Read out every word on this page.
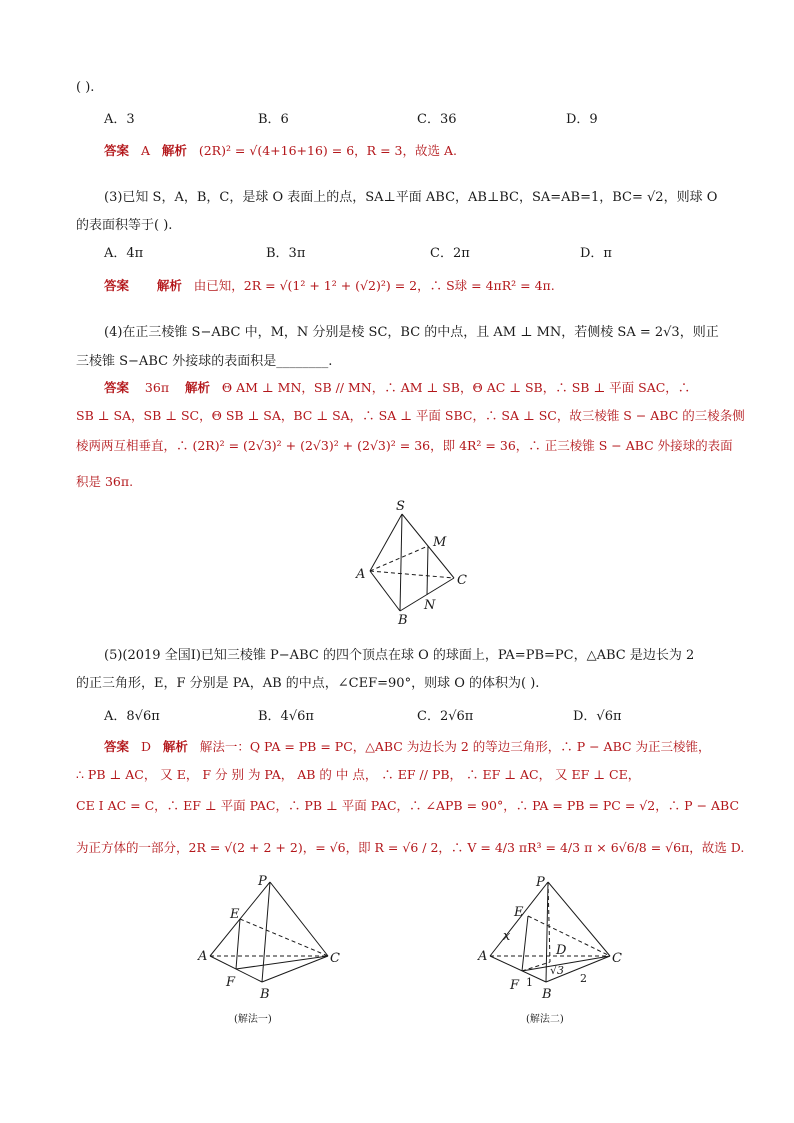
( ).
A．3	B．6	C．36	D．9
答案 A 解析 (2R)² = √(4+16+16) = 6，R = 3，故选 A.
(3)已知 S，A，B，C，是球 O 表面上的点，SA⊥平面 ABC，AB⊥BC，SA=AB=1，BC= √2，则球 O
的表面积等于( ).
A．4π	B．3π	C．2π	D．π
答案 解析 由已知，2R = √(1² + 1² + (√2)²) = 2，∴ S球 = 4πR² = 4π.
(4)在正三棱锥 S−ABC 中，M，N 分别是棱 SC，BC 的中点，且 AM ⊥ MN，若侧棱 SA = 2√3，则正
三棱锥 S−ABC 外接球的表面积是________.
答案 36π 解析 Θ AM ⊥ MN，SB // MN，∴ AM ⊥ SB，Θ AC ⊥ SB，∴ SB ⊥ 平面 SAC，∴
SB ⊥ SA，SB ⊥ SC，Θ SB ⊥ SA，BC ⊥ SA，∴ SA ⊥ 平面 SBC，∴ SA ⊥ SC，故三棱锥 S − ABC 的三棱条侧
棱两两互相垂直，∴ (2R)² = (2√3)² + (2√3)² + (2√3)² = 36，即 4R² = 36，∴ 正三棱锥 S − ABC 外接球的表面
积是 36π.
S
M
A	C
N
B
(5)(2019 全国Ⅰ)已知三棱锥 P−ABC 的四个顶点在球 O 的球面上，PA=PB=PC，△ABC 是边长为 2
的正三角形，E，F 分别是 PA，AB 的中点，∠CEF=90°，则球 O 的体积为( ).
A．8√6π	B．4√6π	C．2√6π	D．√6π
答案 D 解析 解法一：Q PA = PB = PC，△ABC 为边长为 2 的等边三角形，∴ P − ABC 为正三棱锥，
∴ PB ⊥ AC， 又 E， F 分 别 为 PA， AB 的 中 点， ∴ EF // PB， ∴ EF ⊥ AC， 又 EF ⊥ CE，
CE I AC = C，∴ EF ⊥ 平面 PAC，∴ PB ⊥ 平面 PAC，∴ ∠APB = 90°，∴ PA = PB = PC = √2，∴ P − ABC
为正方体的一部分，2R = √(2 + 2 + 2)，= √6，即 R = √6 / 2，∴ V = 4/3 πR³ = 4/3 π × 6√6/8 = √6π，故选 D.
P
E
A	C
F
B
(解法一)
P
E
x
D
A	C
√3
F 1
B
2
(解法二)
